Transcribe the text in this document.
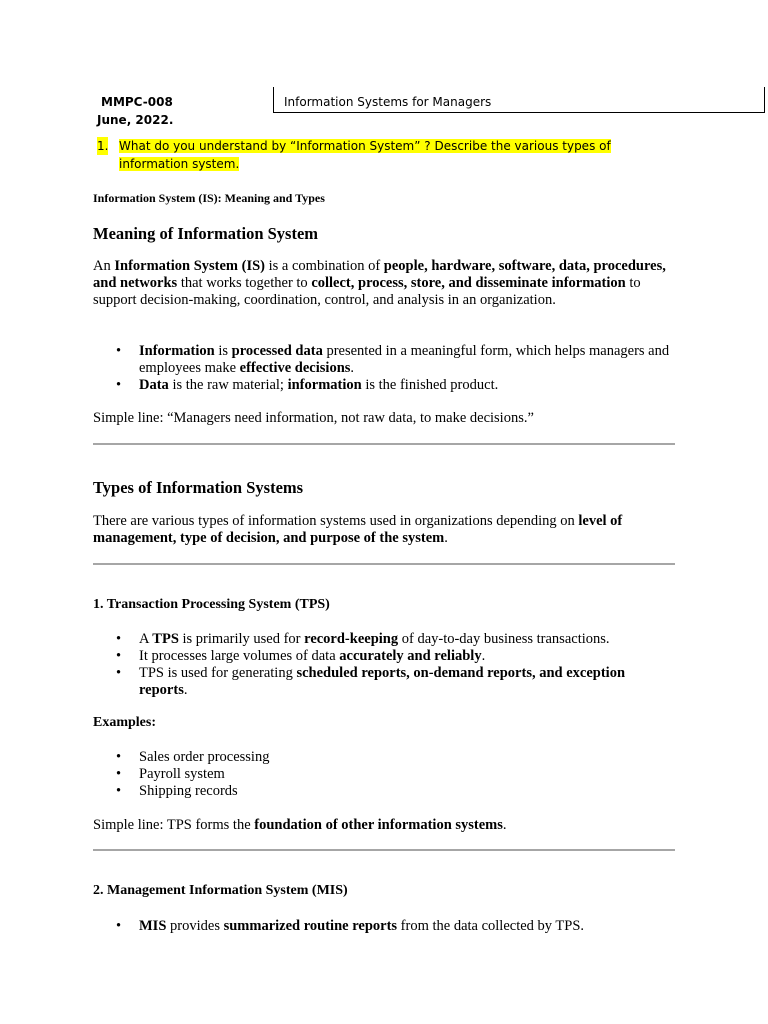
MMPC-008	Information Systems for Managers
June, 2022.
1. What do you understand by “Information System” ? Describe the various types of information system.
Information System (IS): Meaning and Types
Meaning of Information System
An Information System (IS) is a combination of people, hardware, software, data, procedures, and networks that works together to collect, process, store, and disseminate information to support decision-making, coordination, control, and analysis in an organization.
• Information is processed data presented in a meaningful form, which helps managers and employees make effective decisions.
• Data is the raw material; information is the finished product.
Simple line: “Managers need information, not raw data, to make decisions.”
Types of Information Systems
There are various types of information systems used in organizations depending on level of management, type of decision, and purpose of the system.
1. Transaction Processing System (TPS)
• A TPS is primarily used for record-keeping of day-to-day business transactions.
• It processes large volumes of data accurately and reliably.
• TPS is used for generating scheduled reports, on-demand reports, and exception reports.
Examples:
• Sales order processing
• Payroll system
• Shipping records
Simple line: TPS forms the foundation of other information systems.
2. Management Information System (MIS)
• MIS provides summarized routine reports from the data collected by TPS.
